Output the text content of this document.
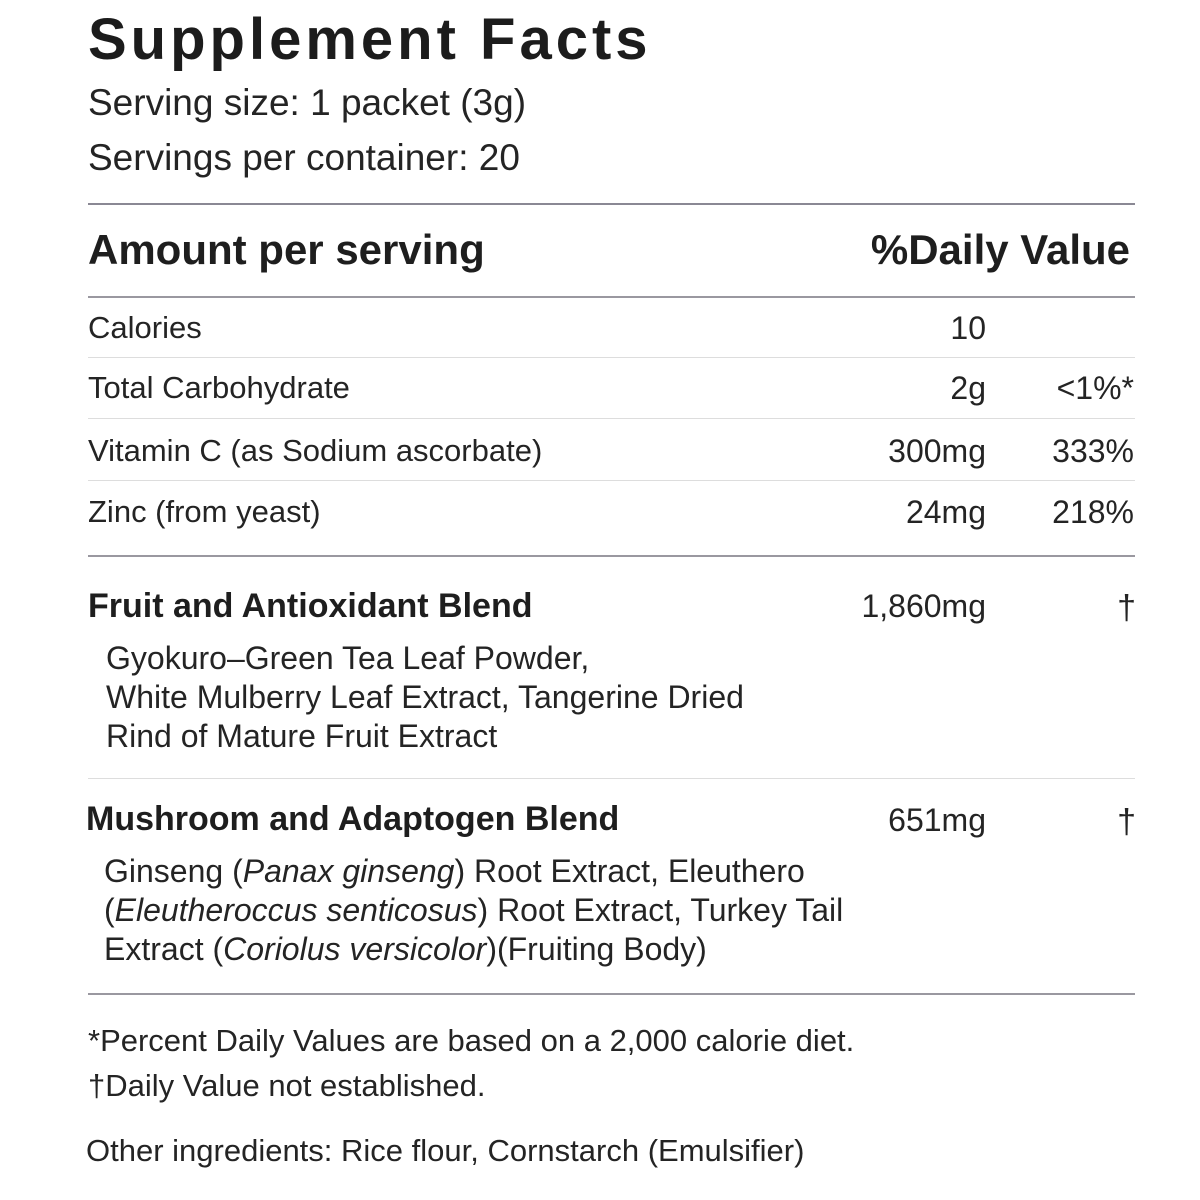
Supplement Facts
Serving size: 1 packet (3g)
Servings per container: 20
Amount per serving	%Daily Value
Calories	10
Total Carbohydrate	2g <1%*
Vitamin C (as Sodium ascorbate)	300mg 333%
Zinc (from yeast)	24mg 218%
Fruit and Antioxidant Blend	1,860mg	†
Gyokuro–Green Tea Leaf Powder,
White Mulberry Leaf Extract, Tangerine Dried
Rind of Mature Fruit Extract
Mushroom and Adaptogen Blend	651mg	†
Ginseng (Panax ginseng) Root Extract, Eleuthero
(Eleutheroccus senticosus) Root Extract, Turkey Tail
Extract (Coriolus versicolor)(Fruiting Body)
*Percent Daily Values are based on a 2,000 calorie diet.
†Daily Value not established.
Other ingredients: Rice flour, Cornstarch (Emulsifier)
